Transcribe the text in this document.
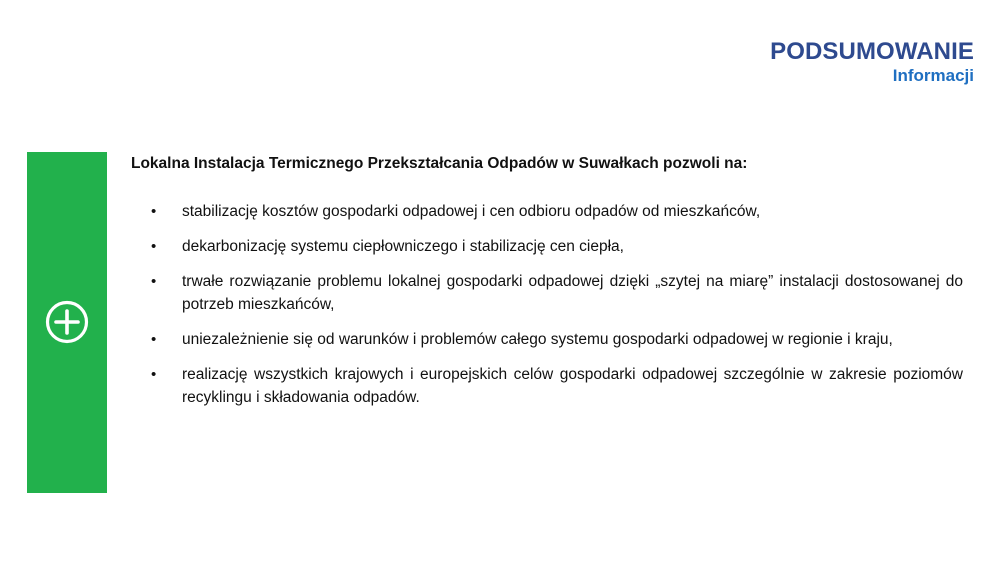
PODSUMOWANIE
Informacji

Lokalna Instalacja Termicznego Przekształcania Odpadów w Suwałkach pozwoli na:

• stabilizację kosztów gospodarki odpadowej i cen odbioru odpadów od mieszkańców,
• dekarbonizację systemu ciepłowniczego i stabilizację cen ciepła,
• trwałe rozwiązanie problemu lokalnej gospodarki odpadowej dzięki „szytej na miarę” instalacji dostosowanej do potrzeb mieszkańców,
• uniezależnienie się od warunków i problemów całego systemu gospodarki odpadowej w regionie i kraju,
• realizację wszystkich krajowych i europejskich celów gospodarki odpadowej szczególnie w zakresie poziomów recyklingu i składowania odpadów.
